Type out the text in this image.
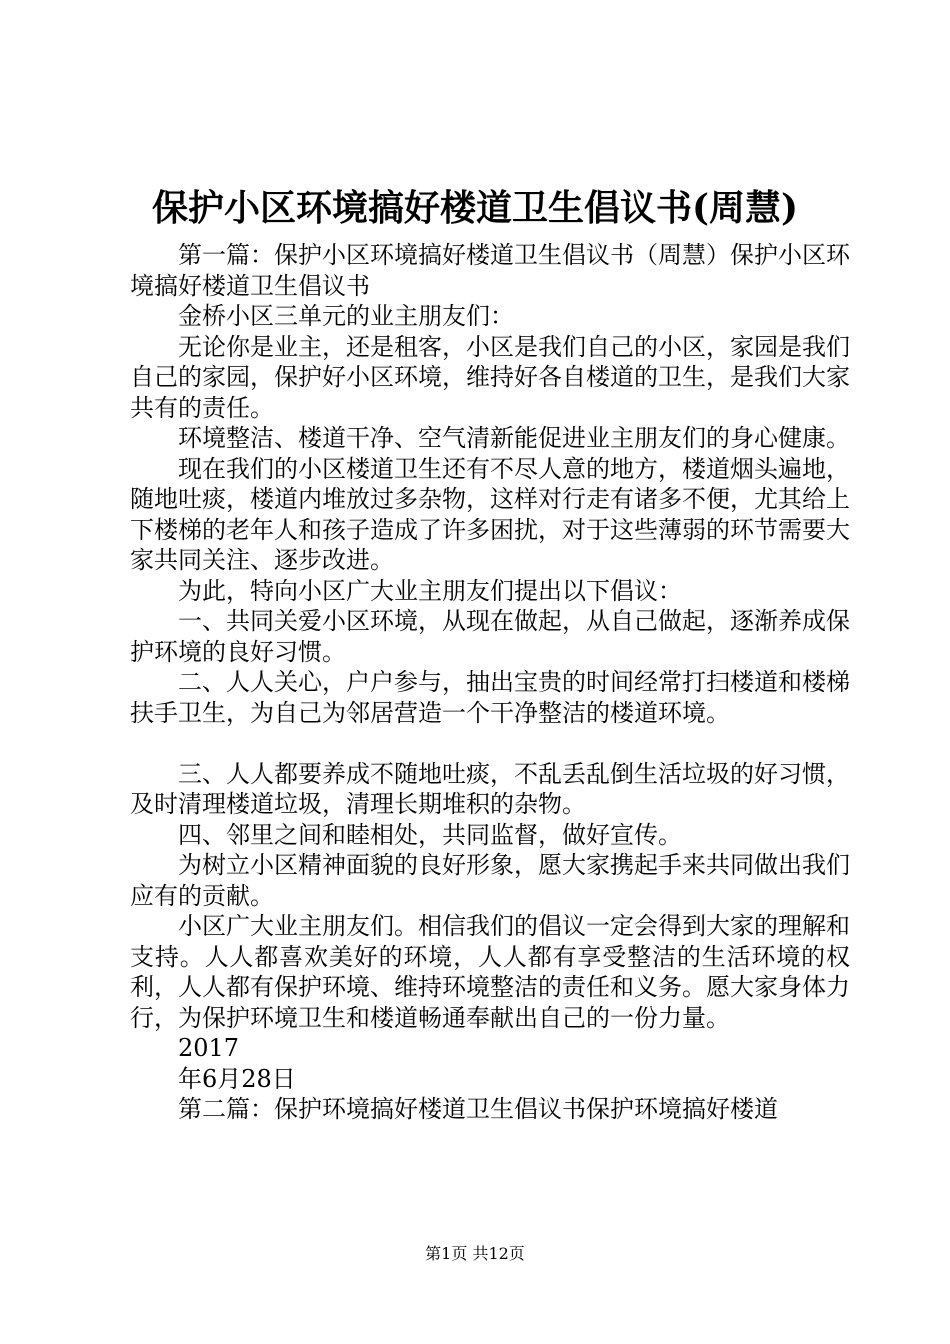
保护小区环境搞好楼道卫生倡议书(周慧)

第一篇：保护小区环境搞好楼道卫生倡议书（周慧）保护小区环境搞好楼道卫生倡议书

金桥小区三单元的业主朋友们：

无论你是业主，还是租客，小区是我们自己的小区，家园是我们自己的家园，保护好小区环境，维持好各自楼道的卫生，是我们大家共有的责任。

环境整洁、楼道干净、空气清新能促进业主朋友们的身心健康。

现在我们的小区楼道卫生还有不尽人意的地方，楼道烟头遍地，随地吐痰，楼道内堆放过多杂物，这样对行走有诸多不便，尤其给上下楼梯的老年人和孩子造成了许多困扰，对于这些薄弱的环节需要大家共同关注、逐步改进。

为此，特向小区广大业主朋友们提出以下倡议：

一、共同关爱小区环境，从现在做起，从自己做起，逐渐养成保护环境的良好习惯。

二、人人关心，户户参与，抽出宝贵的时间经常打扫楼道和楼梯扶手卫生，为自己为邻居营造一个干净整洁的楼道环境。

三、人人都要养成不随地吐痰，不乱丢乱倒生活垃圾的好习惯，及时清理楼道垃圾，清理长期堆积的杂物。

四、邻里之间和睦相处，共同监督，做好宣传。

为树立小区精神面貌的良好形象，愿大家携起手来共同做出我们应有的贡献。

小区广大业主朋友们。相信我们的倡议一定会得到大家的理解和支持。人人都喜欢美好的环境，人人都有享受整洁的生活环境的权利，人人都有保护环境、维持环境整洁的责任和义务。愿大家身体力行，为保护环境卫生和楼道畅通奉献出自己的一份力量。

2017

年6月28日

第二篇：保护环境搞好楼道卫生倡议书保护环境搞好楼道

第1页 共12页
